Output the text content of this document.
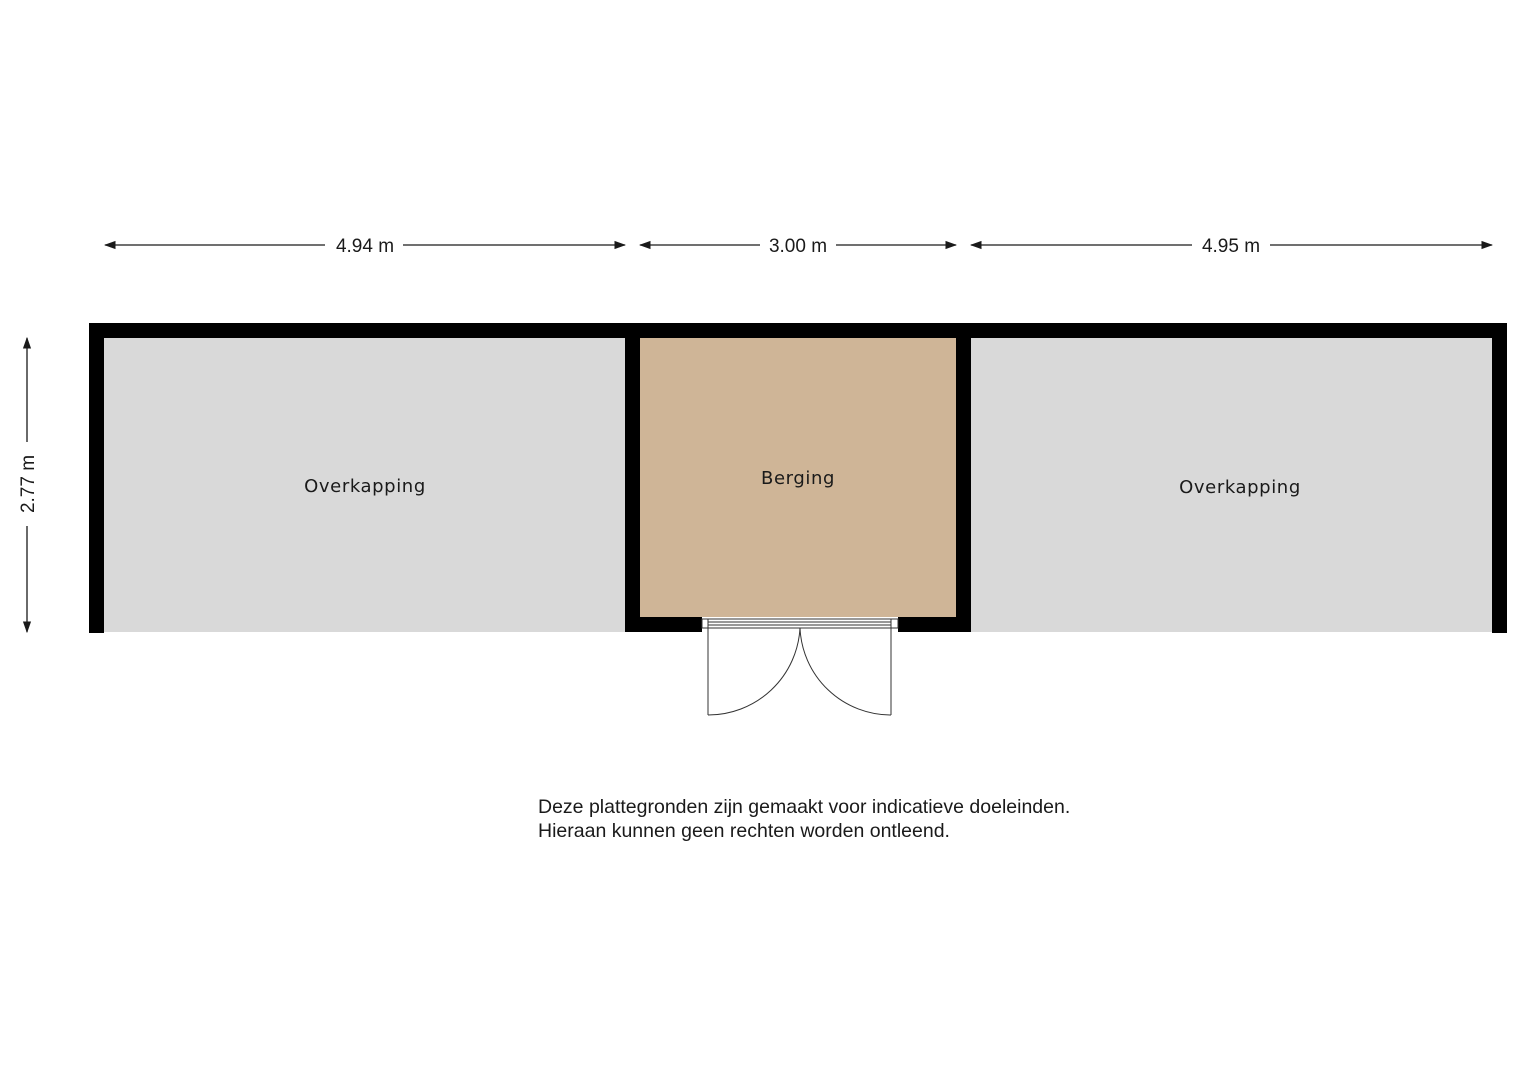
4.94 m	3.00 m	4.95 m
2.77 m	Overkapping	Berging	Overkapping
Deze plattegronden zijn gemaakt voor indicatieve doeleinden.
Hieraan kunnen geen rechten worden ontleend.
